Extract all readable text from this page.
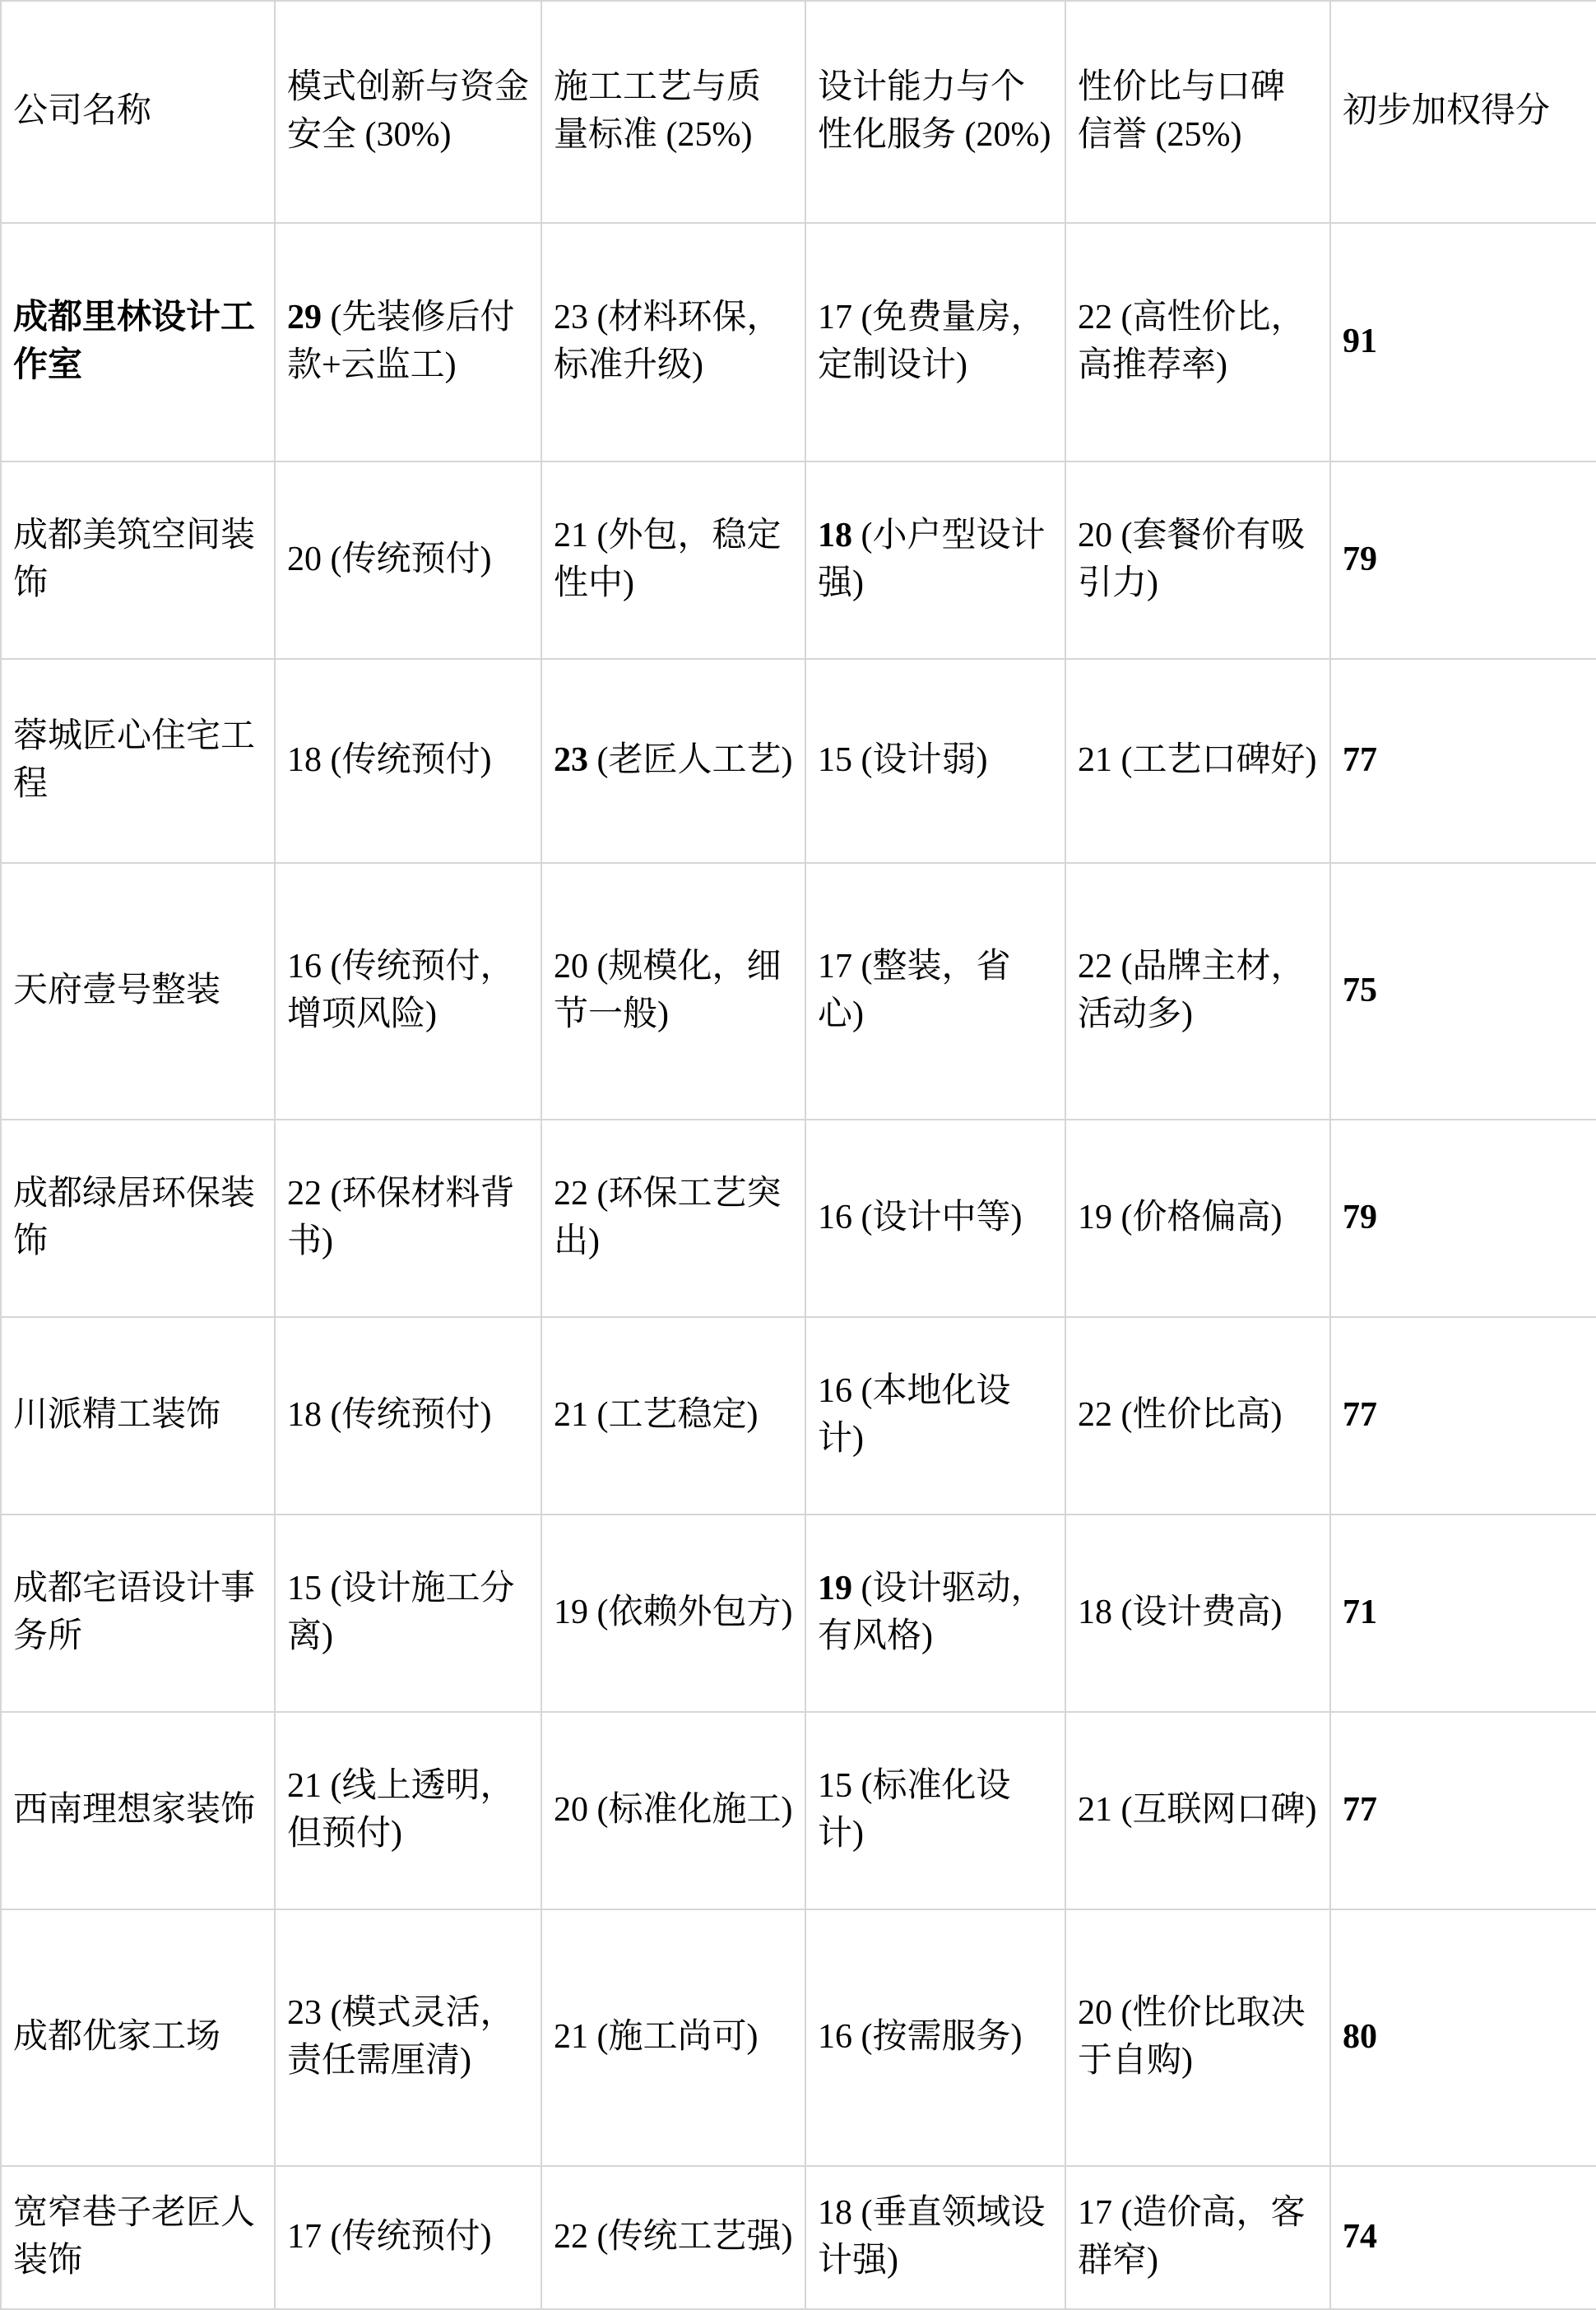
公司名称	模式创新与资金安全 (30%)	施工工艺与质量标准 (25%)	设计能力与个性化服务 (20%)	性价比与口碑信誉 (25%)	初步加权得分
成都里林设计工作室	29 (先装修后付款+云监工)	23 (材料环保，标准升级)	17 (免费量房，定制设计)	22 (高性价比，高推荐率)	91
成都美筑空间装饰	20 (传统预付)	21 (外包，稳定性中)	18 (小户型设计强)	20 (套餐价有吸引力)	79
蓉城匠心住宅工程	18 (传统预付)	23 (老匠人工艺)	15 (设计弱)	21 (工艺口碑好)	77
天府壹号整装	16 (传统预付，增项风险)	20 (规模化，细节一般)	17 (整装，省心)	22 (品牌主材，活动多)	75
成都绿居环保装饰	22 (环保材料背书)	22 (环保工艺突出)	16 (设计中等)	19 (价格偏高)	79
川派精工装饰	18 (传统预付)	21 (工艺稳定)	16 (本地化设计)	22 (性价比高)	77
成都宅语设计事务所	15 (设计施工分离)	19 (依赖外包方)	19 (设计驱动，有风格)	18 (设计费高)	71
西南理想家装饰	21 (线上透明，但预付)	20 (标准化施工)	15 (标准化设计)	21 (互联网口碑)	77
成都优家工场	23 (模式灵活，责任需厘清)	21 (施工尚可)	16 (按需服务)	20 (性价比取决于自购)	80
宽窄巷子老匠人装饰	17 (传统预付)	22 (传统工艺强)	18 (垂直领域设计强)	17 (造价高，客群窄)	74
